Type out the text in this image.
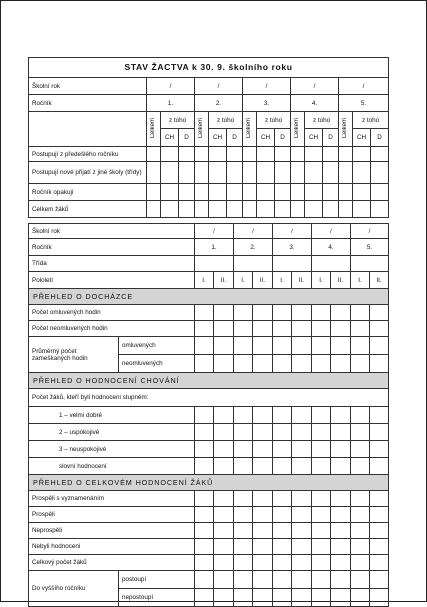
STAV ŽACTVA k 30. 9. školního roku															
Školní rok	/			/			/			/			/		
Ročník	1.			2.			3.			4.			5.		
	Celkem	z toho		Celkem	z toho		Celkem	z toho		Celkem	z toho		Celkem	z toho	
		CH	D		CH	D		CH	D		CH	D		CH	D
Postupují z předešlého ročníku															
Postupují nově přijatí z jiné školy (třídy)															
Ročník opakují															
Celkem žáků															
Školní rok		/		/		/		/		/	
Ročník		1.		2.		3.		4.		5.	
Třída											
Pololetí		I.	II.	I.	II.	I.	II.	I.	II.	I.	II.
PŘEHLED O DOCHÁZCE											
Počet omluvených hodin											
Počet neomluvených hodin											
Průměrný počet zameškaných hodin	omluvených										
	neomluvených										
PŘEHLED O HODNOCENÍ CHOVÁNÍ											
Počet žáků, kteří byli hodnoceni stupněm:											
1 – velmi dobré											
2 – uspokojivé											
3 – neuspokojivé											
slovní hodnocení											
PŘEHLED O CELKOVÉM HODNOCENÍ ŽÁKŮ											
Prospěli s vyznamenáním											
Prospěli											
Neprospěli											
Nebyli hodnoceni											
Celkový počet žáků											
Do vyššího ročníku	postoupí										
	nepostoupí										
